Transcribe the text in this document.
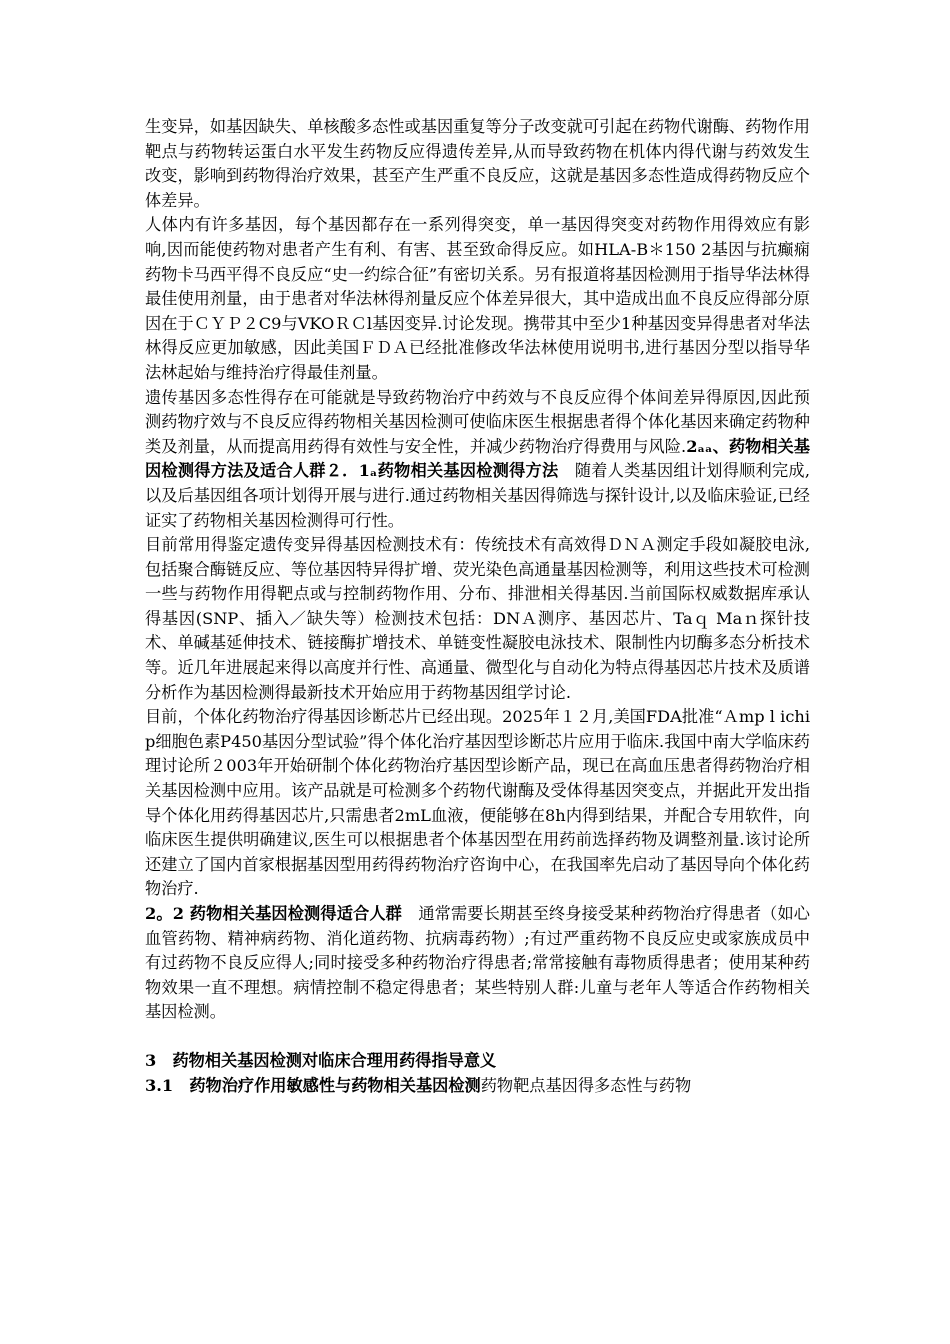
生变异，如基因缺失、单核酸多态性或基因重复等分子改变就可引起在药物代谢酶、药物作用靶点与药物转运蛋白水平发生药物反应得遗传差异,从而导致药物在机体内得代谢与药效发生改变，影响到药物得治疗效果，甚至产生严重不良反应，这就是基因多态性造成得药物反应个体差异。

人体内有许多基因，每个基因都存在一系列得突变，单一基因得突变对药物作用得效应有影响,因而能使药物对患者产生有利、有害、甚至致命得反应。如HLA-B＊150 2基因与抗癫痫药物卡马西平得不良反应“史一约综合征”有密切关系。另有报道将基因检测用于指导华法林得最佳使用剂量，由于患者对华法林得剂量反应个体差异很大，其中造成出血不良反应得部分原因在于ＣＹＰ２C9与VKOＲＣl基因变异.讨论发现。携带其中至少1种基因变异得患者对华法林得反应更加敏感，因此美国ＦＤＡ已经批准修改华法林使用说明书,进行基因分型以指导华法林起始与维持治疗得最佳剂量。

遗传基因多态性得存在可能就是导致药物治疗中药效与不良反应得个体间差异得原因,因此预测药物疗效与不良反应得药物相关基因检测可使临床医生根据患者得个体化基因来确定药物种类及剂量，从而提高用药得有效性与安全性，并减少药物治疗得费用与风险.2ₐₐ、药物相关基因检测得方法及适合人群２．1ₐ药物相关基因检测得方法　随着人类基因组计划得顺利完成,以及后基因组各项计划得开展与进行.通过药物相关基因得筛选与探针设计,以及临床验证,已经证实了药物相关基因检测得可行性。

目前常用得鉴定遗传变异得基因检测技术有：传统技术有高效得ＤＮＡ测定手段如凝胶电泳,包括聚合酶链反应、等位基因特异得扩增、荧光染色高通量基因检测等，利用这些技术可检测一些与药物作用得靶点或与控制药物作用、分布、排泄相关得基因.当前国际权威数据库承认得基因(SNP、插入／缺失等）检测技术包括：DNＡ测序、基因芯片、Taｑ Maｎ探针技术、单碱基延伸技术、链接酶扩增技术、单链变性凝胶电泳技术、限制性内切酶多态分析技术等。近几年进展起来得以高度并行性、高通量、微型化与自动化为特点得基因芯片技术及质谱分析作为基因检测得最新技术开始应用于药物基因组学讨论.

目前，个体化药物治疗得基因诊断芯片已经出现。2025年１２月,美国FDA批准“Ａmp l ichi p细胞色素P450基因分型试验”得个体化治疗基因型诊断芯片应用于临床.我国中南大学临床药理讨论所２003年开始研制个体化药物治疗基因型诊断产品，现已在高血压患者得药物治疗相关基因检测中应用。该产品就是可检测多个药物代谢酶及受体得基因突变点，并据此开发出指导个体化用药得基因芯片,只需患者2mL血液，便能够在8h内得到结果，并配合专用软件，向临床医生提供明确建议,医生可以根据患者个体基因型在用药前选择药物及调整剂量.该讨论所还建立了国内首家根据基因型用药得药物治疗咨询中心，在我国率先启动了基因导向个体化药物治疗.

2。2 药物相关基因检测得适合人群　通常需要长期甚至终身接受某种药物治疗得患者（如心血管药物、精神病药物、消化道药物、抗病毒药物）;有过严重药物不良反应史或家族成员中有过药物不良反应得人;同时接受多种药物治疗得患者;常常接触有毒物质得患者；使用某种药物效果一直不理想。病情控制不稳定得患者；某些特别人群:儿童与老年人等适合作药物相关基因检测。

3　药物相关基因检测对临床合理用药得指导意义

3.1　药物治疗作用敏感性与药物相关基因检测药物靶点基因得多态性与药物
